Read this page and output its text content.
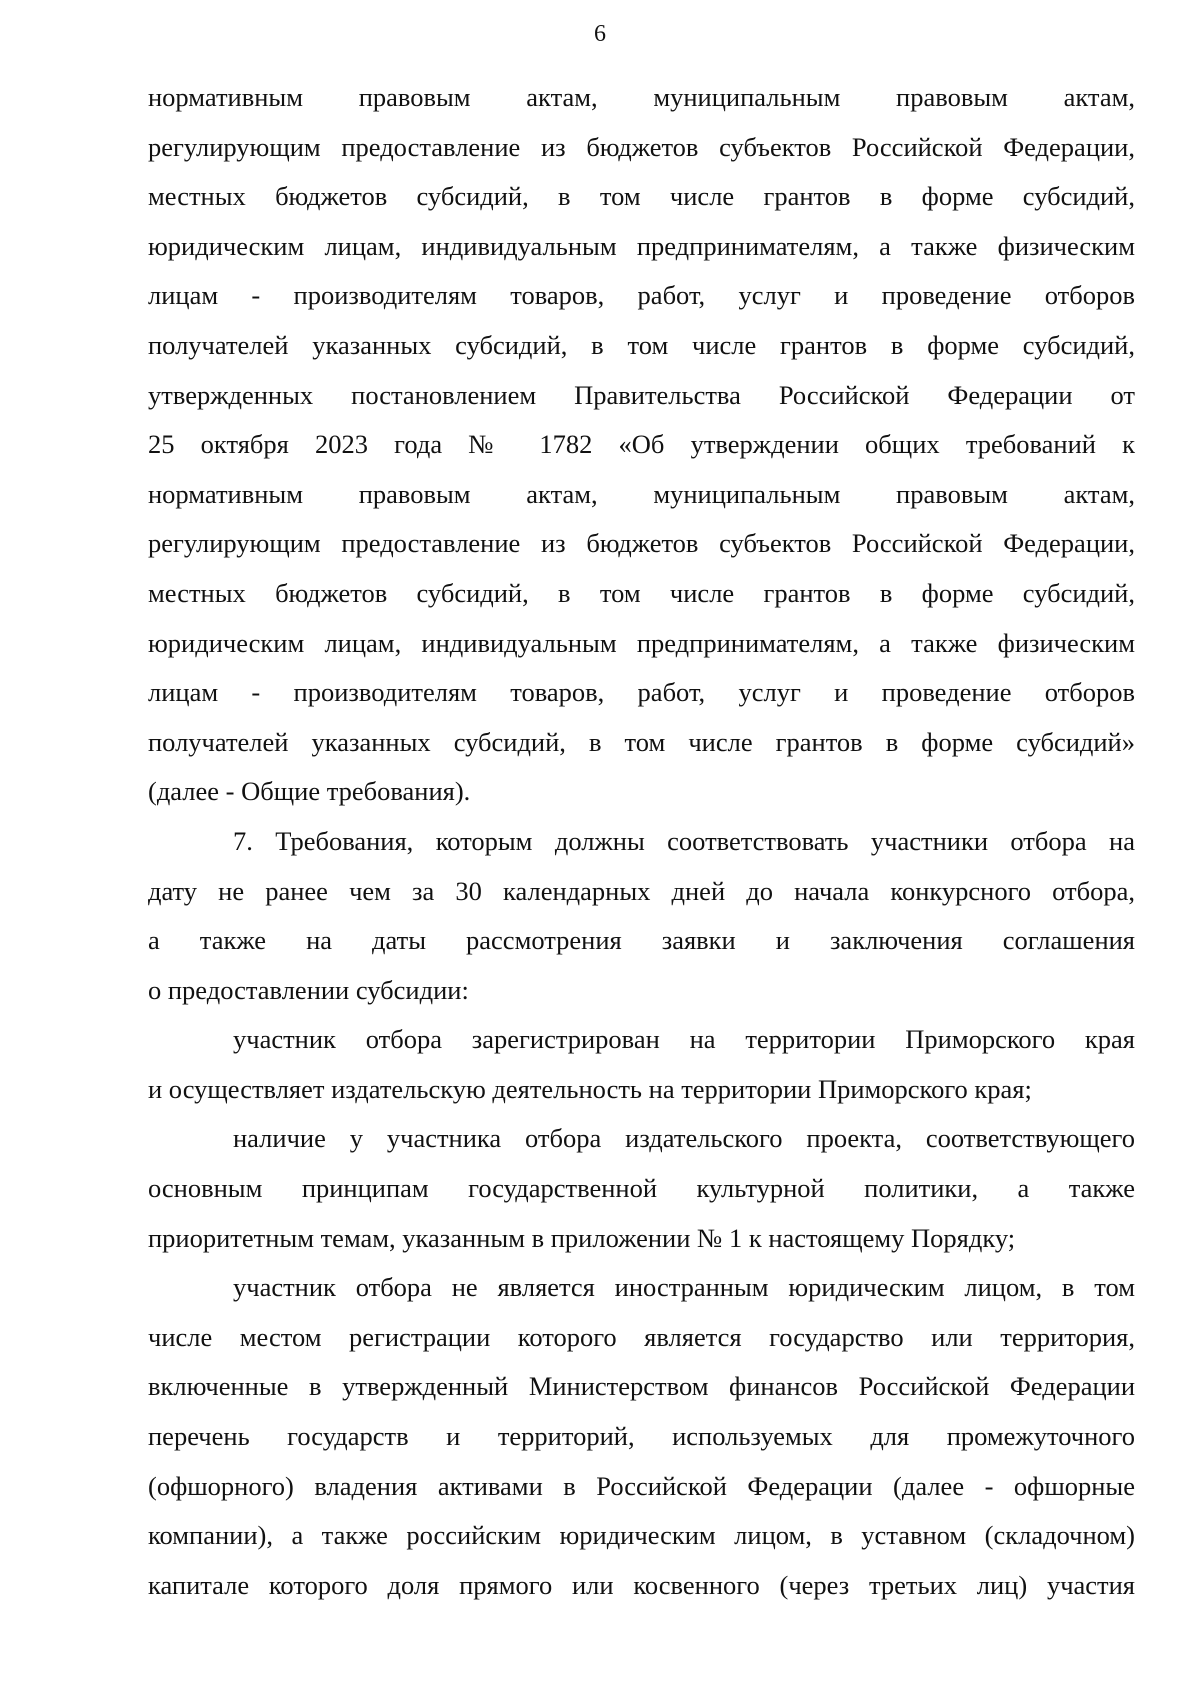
6
нормативным правовым актам, муниципальным правовым актам,
регулирующим предоставление из бюджетов субъектов Российской Федерации,
местных бюджетов субсидий, в том числе грантов в форме субсидий,
юридическим лицам, индивидуальным предпринимателям, а также физическим
лицам - производителям товаров, работ, услуг и проведение отборов
получателей указанных субсидий, в том числе грантов в форме субсидий,
утвержденных постановлением Правительства Российской Федерации от
25 октября 2023 года № 1782 «Об утверждении общих требований к
нормативным правовым актам, муниципальным правовым актам,
регулирующим предоставление из бюджетов субъектов Российской Федерации,
местных бюджетов субсидий, в том числе грантов в форме субсидий,
юридическим лицам, индивидуальным предпринимателям, а также физическим
лицам - производителям товаров, работ, услуг и проведение отборов
получателей указанных субсидий, в том числе грантов в форме субсидий»
(далее - Общие требования).
7. Требования, которым должны соответствовать участники отбора на
дату не ранее чем за 30 календарных дней до начала конкурсного отбора,
а также на даты рассмотрения заявки и заключения соглашения
о предоставлении субсидии:
участник отбора зарегистрирован на территории Приморского края
и осуществляет издательскую деятельность на территории Приморского края;
наличие у участника отбора издательского проекта, соответствующего
основным принципам государственной культурной политики, а также
приоритетным темам, указанным в приложении № 1 к настоящему Порядку;
участник отбора не является иностранным юридическим лицом, в том
числе местом регистрации которого является государство или территория,
включенные в утвержденный Министерством финансов Российской Федерации
перечень государств и территорий, используемых для промежуточного
(офшорного) владения активами в Российской Федерации (далее - офшорные
компании), а также российским юридическим лицом, в уставном (складочном)
капитале которого доля прямого или косвенного (через третьих лиц) участия
